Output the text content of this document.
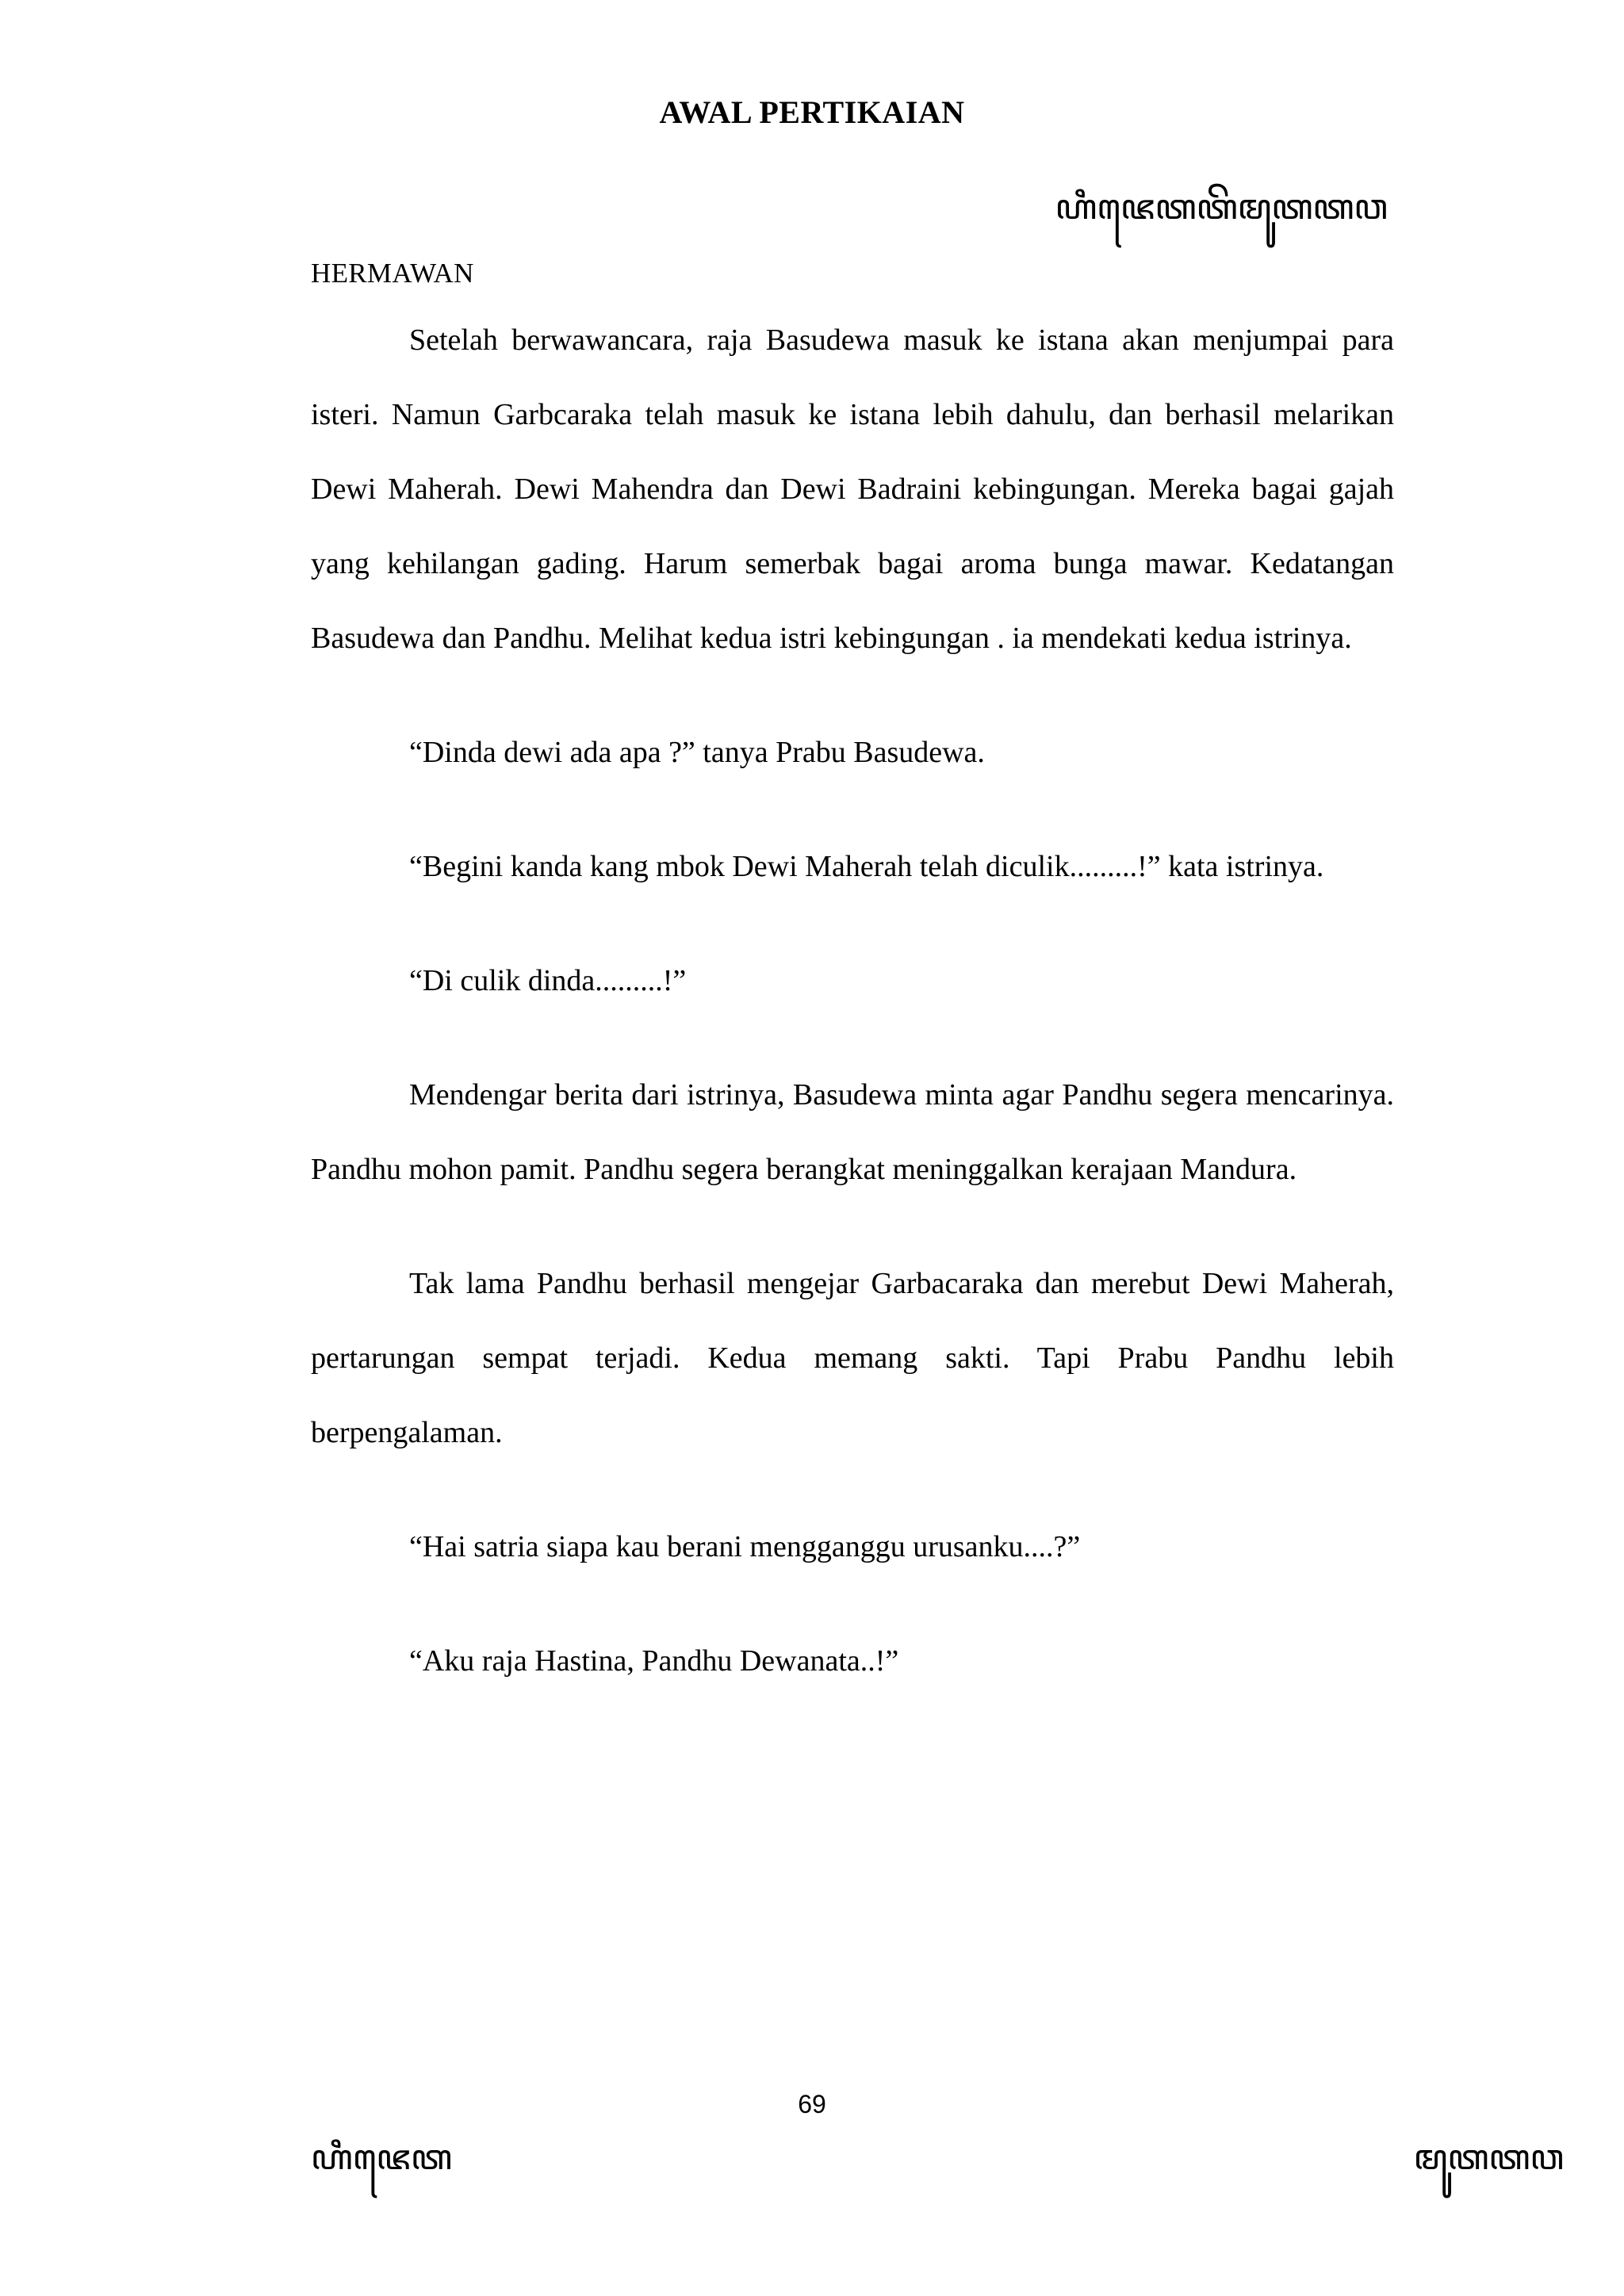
AWAL PERTIKAIAN
ꦲꦶꦗꦺꦠꦠꦼꦩꦸꦠꦠꦮ
HERMAWAN

Setelah berwawancara, raja Basudewa masuk ke istana akan menjumpai para isteri. Namun Garbcaraka telah masuk ke istana lebih dahulu, dan berhasil melarikan Dewi Maherah. Dewi Mahendra dan Dewi Badraini kebingungan. Mereka bagai gajah yang kehilangan gading. Harum semerbak bagai aroma bunga mawar. Kedatangan Basudewa dan Pandhu. Melihat kedua istri kebingungan . ia mendekati kedua istrinya.

“Dinda dewi ada apa ?” tanya Prabu Basudewa.

“Begini kanda kang mbok Dewi Maherah telah diculik.........!” kata istrinya.

“Di culik dinda.........!”

Mendengar berita dari istrinya, Basudewa minta agar Pandhu segera mencarinya. Pandhu mohon pamit. Pandhu segera berangkat meninggalkan kerajaan Mandura.

Tak lama Pandhu berhasil mengejar Garbacaraka dan merebut Dewi Maherah, pertarungan sempat terjadi. Kedua memang sakti. Tapi Prabu Pandhu lebih berpengalaman.

“Hai satria siapa kau berani mengganggu urusanku....?”

“Aku raja Hastina, Pandhu Dewanata..!”

69
ꦲꦶꦗꦺꦠ	ꦩꦸꦠꦠꦮ
